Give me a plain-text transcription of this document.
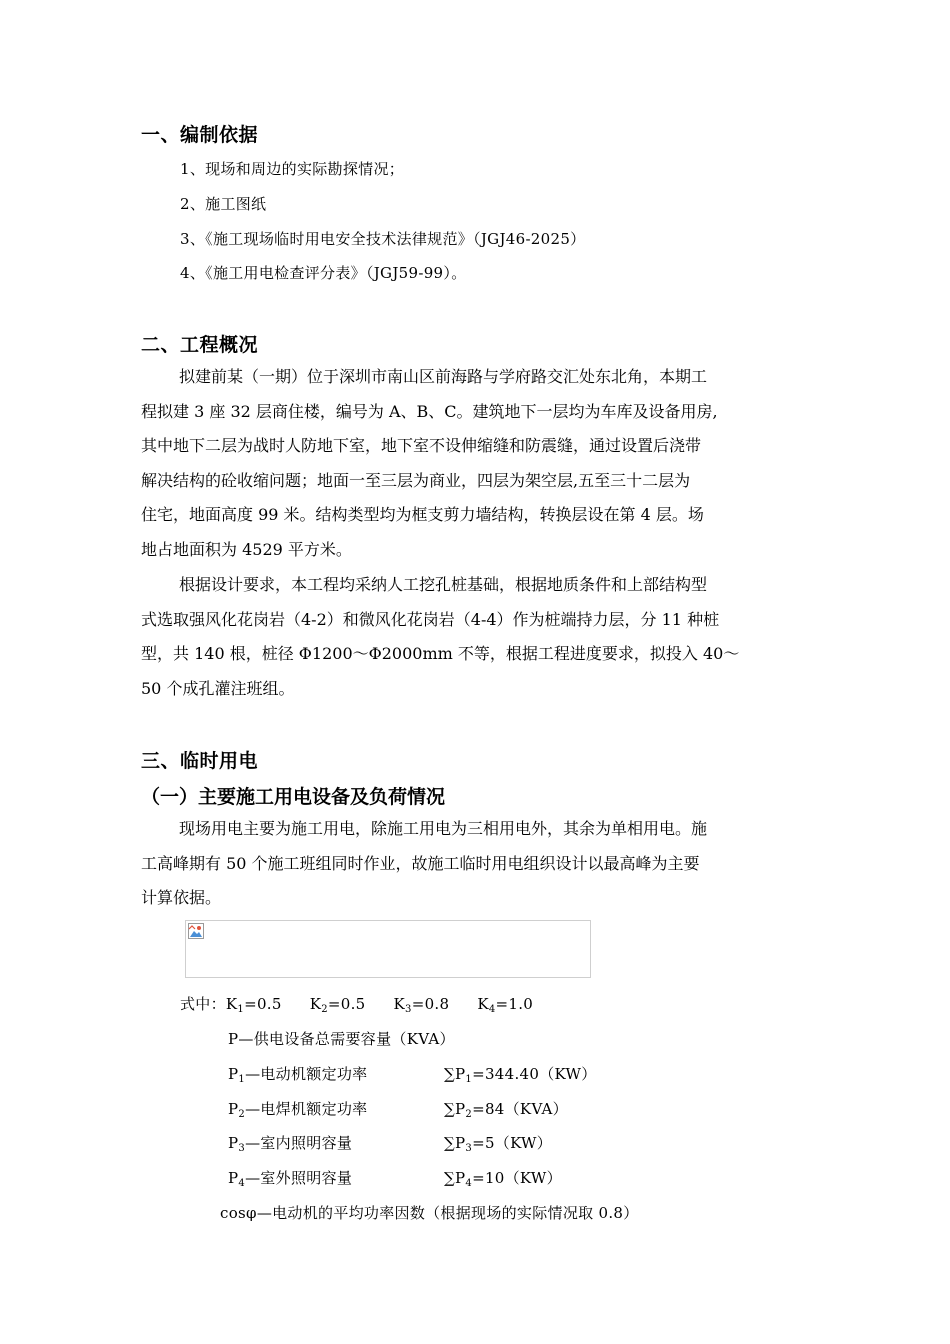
一、编制依据
1、现场和周边的实际勘探情况；
2、施工图纸
3、《施工现场临时用电安全技术法律规范》（JGJ46-2025）
4、《施工用电检查评分表》（JGJ59-99）。
二、工程概况
拟建前某（一期）位于深圳市南山区前海路与学府路交汇处东北角，本期工
程拟建 3 座 32 层商住楼，编号为 A、B、C。建筑地下一层均为车库及设备用房,
其中地下二层为战时人防地下室，地下室不设伸缩缝和防震缝，通过设置后浇带
解决结构的砼收缩问题；地面一至三层为商业，四层为架空层,五至三十二层为
住宅，地面高度 99 米。结构类型均为框支剪力墙结构，转换层设在第 4 层。场
地占地面积为 4529 平方米。
根据设计要求，本工程均采纳人工挖孔桩基础，根据地质条件和上部结构型
式选取强风化花岗岩（4-2）和微风化花岗岩（4-4）作为桩端持力层，分 11 种桩
型，共 140 根，桩径 Φ1200～Φ2000mm 不等，根据工程进度要求，拟投入 40～
50 个成孔灌注班组。
三、临时用电
（一）主要施工用电设备及负荷情况
现场用电主要为施工用电，除施工用电为三相用电外，其余为单相用电。施
工高峰期有 50 个施工班组同时作业，故施工临时用电组织设计以最高峰为主要
计算依据。
式中：$K_1=0.5$ $K_2=0.5$ $K_3=0.8$ $K_4=1.0$
P—供电设备总需要容量（KVA）
$P_1—$电动机额定功率	$\sum P_1=344.40(KW)$
$P_2—$电焊机额定功率	$\sum P_2=84(KVA)$
$P_3—$室内照明容量	$\sum P_3=5(KW)$
$P_4—$室外照明容量	$\sum P_4=10(KW)$
cosφ—电动机的平均功率因数（根据现场的实际情况取 0.8）
